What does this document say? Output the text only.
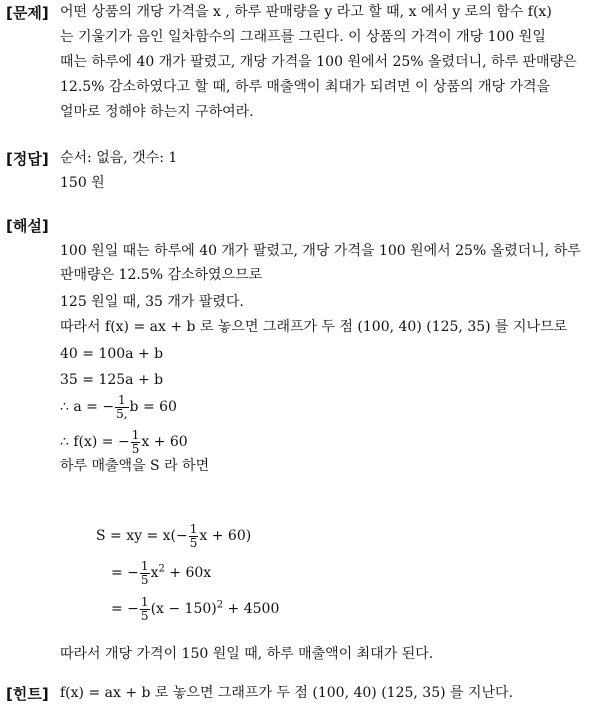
[문제] 어떤 상품의 개당 가격을 x , 하루 판매량을 y 라고 할 때, x 에서 y 로의 함수 f(x)
는 기울기가 음인 일차함수의 그래프를 그린다. 이 상품의 가격이 개당 100 원일
때는 하루에 40 개가 팔렸고, 개당 가격을 100 원에서 25% 올렸더니, 하루 판매량은
12.5% 감소하였다고 할 때, 하루 매출액이 최대가 되려면 이 상품의 개당 가격을
얼마로 정해야 하는지 구하여라.
[정답] 순서: 없음, 갯수: 1
150 원
[해설]
100 원일 때는 하루에 40 개가 팔렸고, 개당 가격을 100 원에서 25% 올렸더니, 하루
판매량은 12.5% 감소하였으므로
125 원일 때, 35 개가 팔렸다.
따라서 f(x) = ax + b 로 놓으면 그래프가 두 점 (100, 40) (125, 35) 를 지나므로
40 = 100a + b
35 = 125a + b
∴ a = − $\frac{1}{5,}$ b = 60
∴ f(x) = − $\frac{1}{5}$ x + 60
하루 매출액을 S 라 하면
S = xy = $x(- \frac{1}{5}$ x + 60)
= − $\frac{1}{5} x^2 + 60x$
= − $\frac{1}{5} (x - 150)^2 + 4500$
따라서 개당 가격이 150 원일 때, 하루 매출액이 최대가 된다.
[힌트] f(x) = ax + b 로 놓으면 그래프가 두 점 (100, 40) (125, 35) 를 지난다.
